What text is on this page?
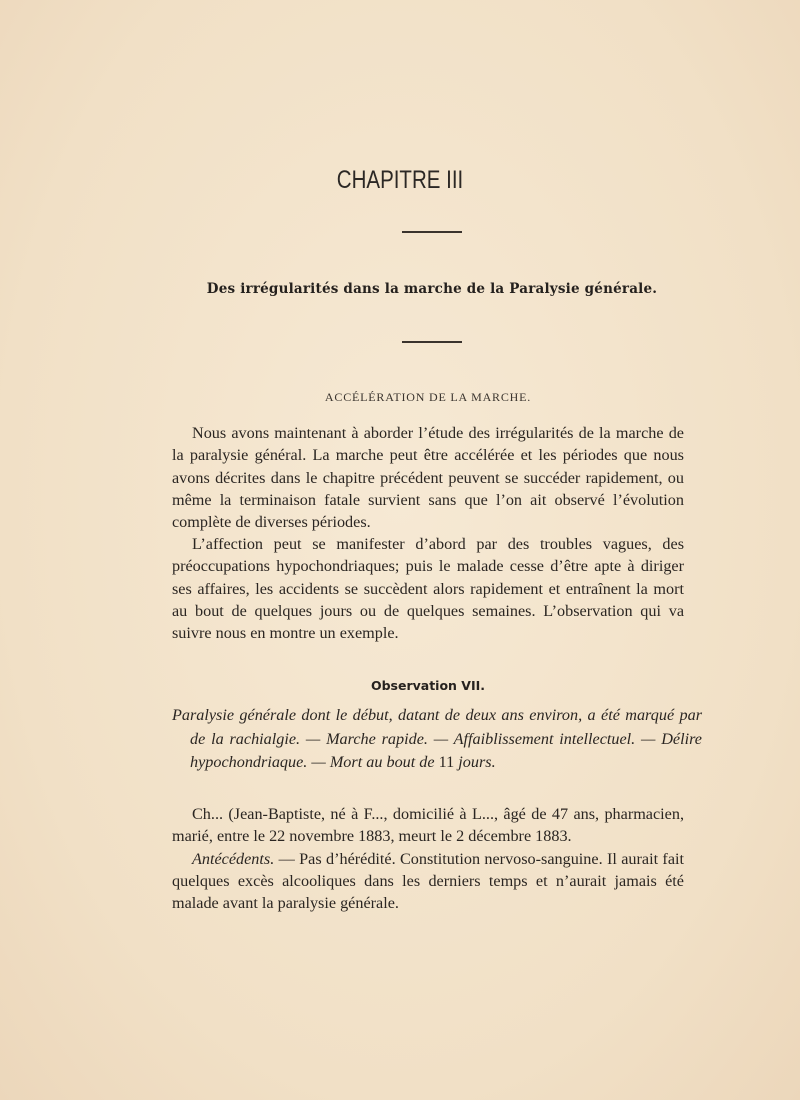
CHAPITRE III
Des irrégularités dans la marche de la Paralysie générale.
ACCÉLÉRATION DE LA MARCHE.

Nous avons maintenant à aborder l’étude des irrégularités de la marche de la paralysie général. La marche peut être accélérée et les périodes que nous avons décrites dans le chapitre précédent peuvent se succéder rapidement, ou même la terminaison fatale survient sans que l’on ait observé l’évolution complète de diverses périodes.

L’affection peut se manifester d’abord par des troubles vagues, des préoccupations hypochondriaques; puis le malade cesse d’être apte à diriger ses affaires, les accidents se succèdent alors rapidement et entraînent la mort au bout de quelques jours ou de quelques semaines. L’observation qui va suivre nous en montre un exemple.

Observation VII.

Paralysie générale dont le début, datant de deux ans environ, a été marqué par de la rachialgie. — Marche rapide. — Affaiblissement intellectuel. — Délire hypochondriaque. — Mort au bout de 11 jours.

Ch... (Jean-Baptiste, né à F..., domicilié à L..., âgé de 47 ans, pharmacien, marié, entre le 22 novembre 1883, meurt le 2 décembre 1883.

Antécédents. — Pas d’hérédité. Constitution nervoso-sanguine. Il aurait fait quelques excès alcooliques dans les derniers temps et n’aurait jamais été malade avant la paralysie générale.
